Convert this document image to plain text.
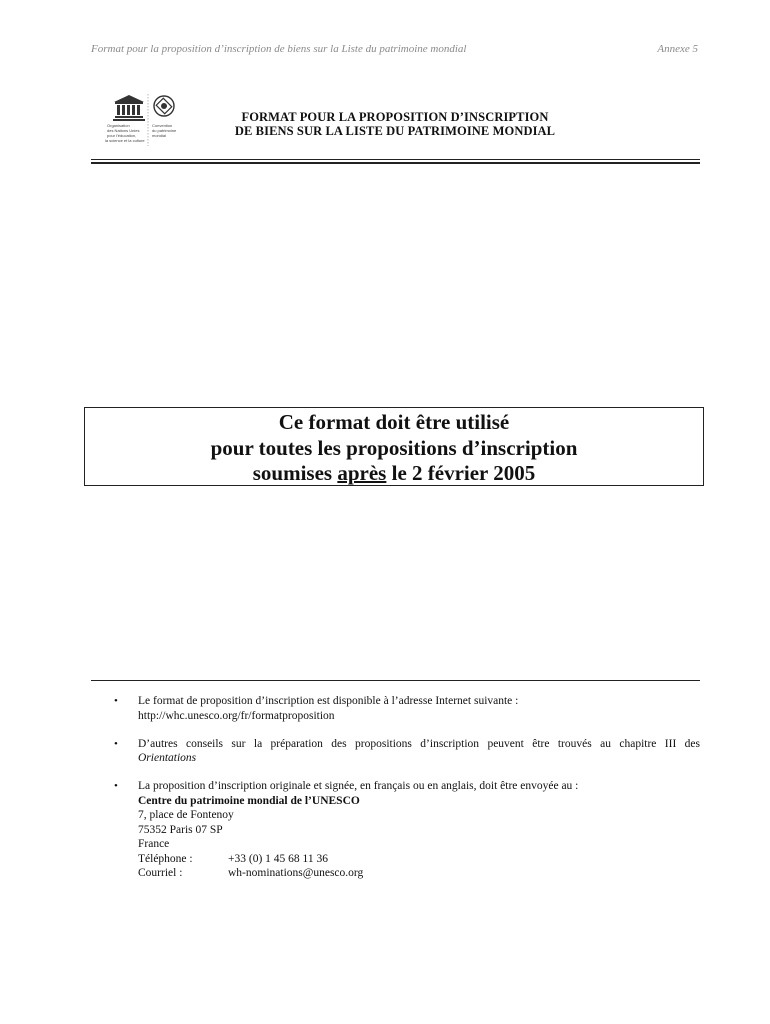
Format pour la proposition d’inscription de biens sur la Liste du patrimoine mondial	Annexe 5
Organisation
des Nations Unies
pour l'éducation,
la science et la culture
Convention
du patrimoine
mondial
FORMAT POUR LA PROPOSITION D’INSCRIPTION
DE BIENS SUR LA LISTE DU PATRIMOINE MONDIAL
Ce format doit être utilisé
pour toutes les propositions d’inscription
soumises après le 2 février 2005
• Le format de proposition d’inscription est disponible à l’adresse Internet suivante :
http://whc.unesco.org/fr/formatproposition
• D’autres conseils sur la préparation des propositions d’inscription peuvent être trouvés au chapitre III des
Orientations
• La proposition d’inscription originale et signée, en français ou en anglais, doit être envoyée au :
Centre du patrimoine mondial de l’UNESCO
7, place de Fontenoy
75352 Paris 07 SP
France
Téléphone :	+33 (0) 1 45 68 11 36
Courriel :	wh-nominations@unesco.org
